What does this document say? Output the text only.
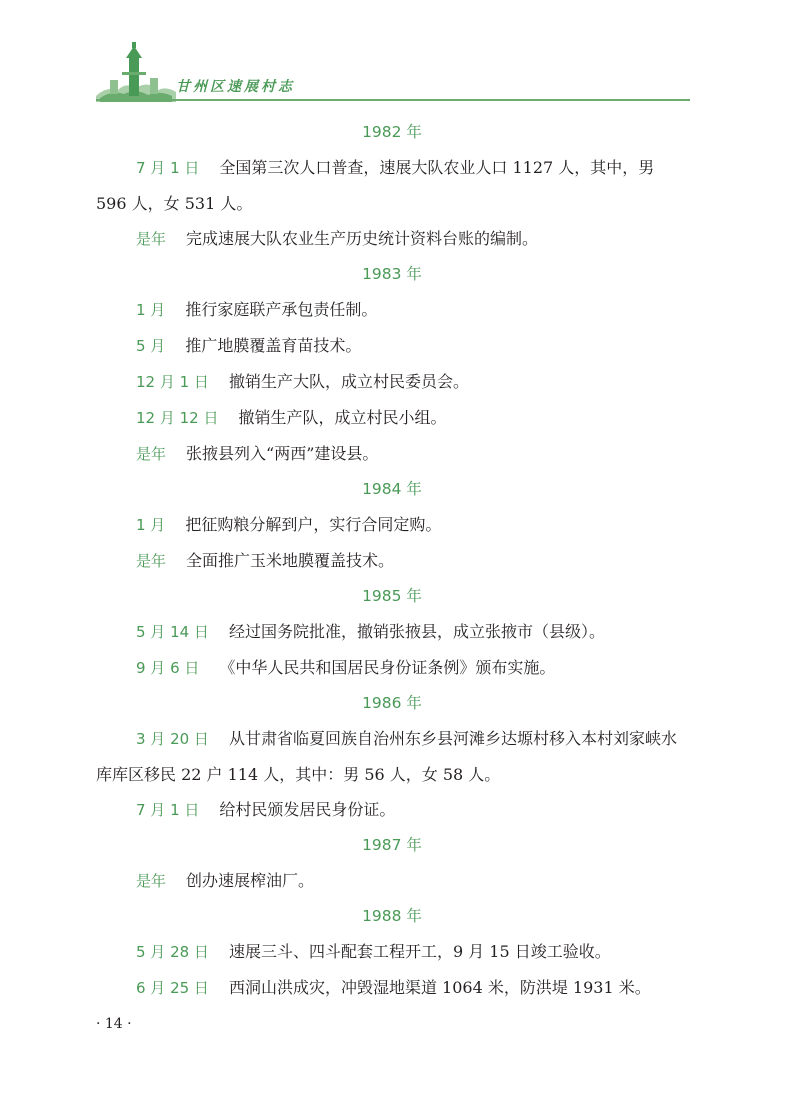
甘州区速展村志
1982 年
7 月 1 日 全国第三次人口普查，速展大队农业人口 1127 人，其中，男 596 人，女 531 人。
是年 完成速展大队农业生产历史统计资料台账的编制。
1983 年
1 月 推行家庭联产承包责任制。
5 月 推广地膜覆盖育苗技术。
12 月 1 日 撤销生产大队，成立村民委员会。
12 月 12 日 撤销生产队，成立村民小组。
是年 张掖县列入“两西”建设县。
1984 年
1 月 把征购粮分解到户，实行合同定购。
是年 全面推广玉米地膜覆盖技术。
1985 年
5 月 14 日 经过国务院批准，撤销张掖县，成立张掖市（县级）。
9 月 6 日 《中华人民共和国居民身份证条例》颁布实施。
1986 年
3 月 20 日 从甘肃省临夏回族自治州东乡县河滩乡达塬村移入本村刘家峡水库库区移民 22 户 114 人，其中：男 56 人，女 58 人。
7 月 1 日 给村民颁发居民身份证。
1987 年
是年 创办速展榨油厂。
1988 年
5 月 28 日 速展三斗、四斗配套工程开工，9 月 15 日竣工验收。
6 月 25 日 西洞山洪成灾，冲毁湿地渠道 1064 米，防洪堤 1931 米。
· 14 ·
